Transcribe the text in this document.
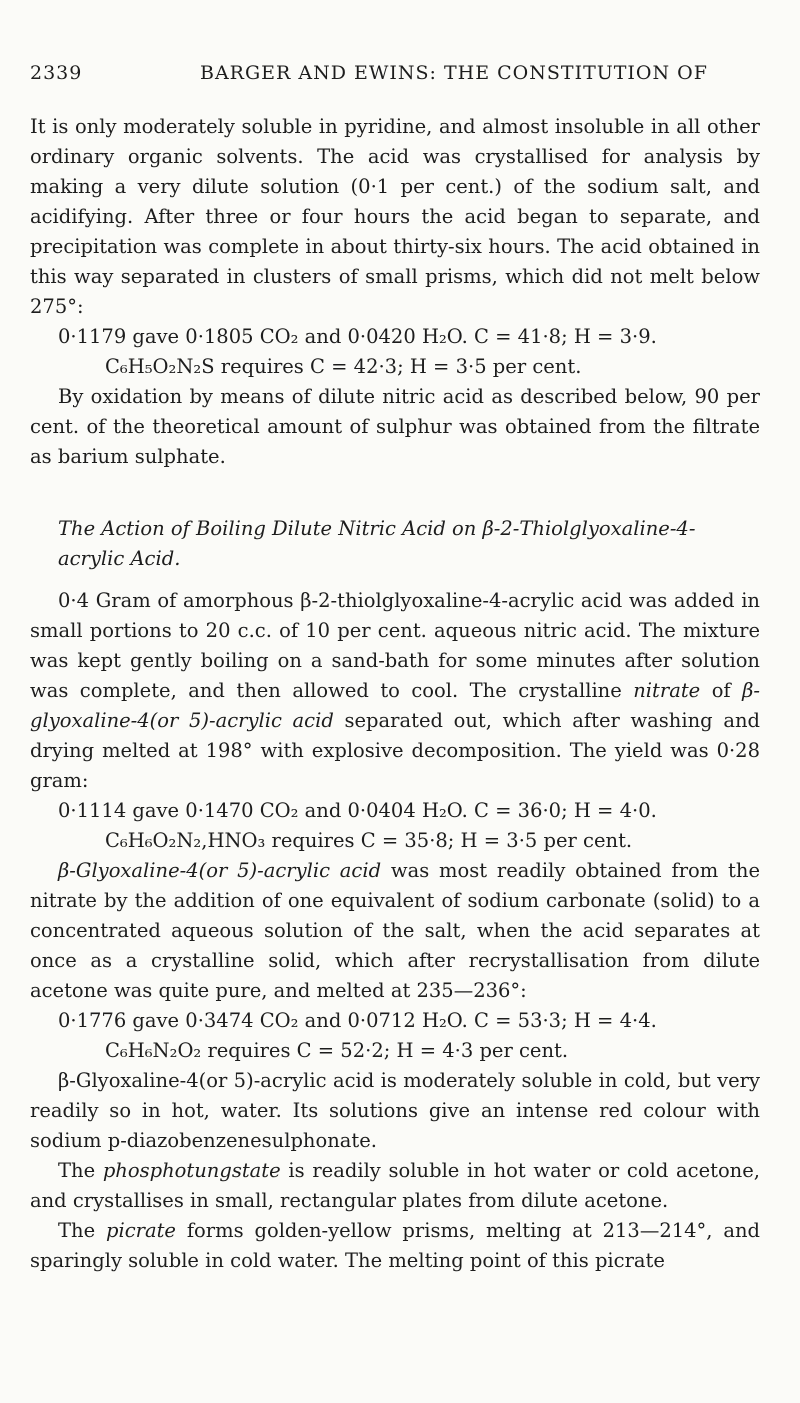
2339	BARGER AND EWINS: THE CONSTITUTION OF

It is only moderately soluble in pyridine, and almost insoluble in all other ordinary organic solvents. The acid was crystallised for analysis by making a very dilute solution (0·1 per cent.) of the sodium salt, and acidifying. After three or four hours the acid began to separate, and precipitation was complete in about thirty-six hours. The acid obtained in this way separated in clusters of small prisms, which did not melt below 275°:

0·1179 gave 0·1805 CO₂ and 0·0420 H₂O. C = 41·8; H = 3·9.

C₆H₅O₂N₂S requires C = 42·3; H = 3·5 per cent.

By oxidation by means of dilute nitric acid as described below, 90 per cent. of the theoretical amount of sulphur was obtained from the filtrate as barium sulphate.

The Action of Boiling Dilute Nitric Acid on β-2-Thiolglyoxaline-4-acrylic Acid.

0·4 Gram of amorphous β-2-thiolglyoxaline-4-acrylic acid was added in small portions to 20 c.c. of 10 per cent. aqueous nitric acid. The mixture was kept gently boiling on a sand-bath for some minutes after solution was complete, and then allowed to cool. The crystalline nitrate of β-glyoxaline-4(or 5)-acrylic acid separated out, which after washing and drying melted at 198° with explosive decomposition. The yield was 0·28 gram:

0·1114 gave 0·1470 CO₂ and 0·0404 H₂O. C = 36·0; H = 4·0.

C₆H₆O₂N₂,HNO₃ requires C = 35·8; H = 3·5 per cent.

β-Glyoxaline-4(or 5)-acrylic acid was most readily obtained from the nitrate by the addition of one equivalent of sodium carbonate (solid) to a concentrated aqueous solution of the salt, when the acid separates at once as a crystalline solid, which after recrystallisation from dilute acetone was quite pure, and melted at 235—236°:

0·1776 gave 0·3474 CO₂ and 0·0712 H₂O. C = 53·3; H = 4·4.

C₆H₆N₂O₂ requires C = 52·2; H = 4·3 per cent.

β-Glyoxaline-4(or 5)-acrylic acid is moderately soluble in cold, but very readily so in hot, water. Its solutions give an intense red colour with sodium p-diazobenzenesulphonate.

The phosphotungstate is readily soluble in hot water or cold acetone, and crystallises in small, rectangular plates from dilute acetone.

The picrate forms golden-yellow prisms, melting at 213—214°, and sparingly soluble in cold water. The melting point of this picrate
